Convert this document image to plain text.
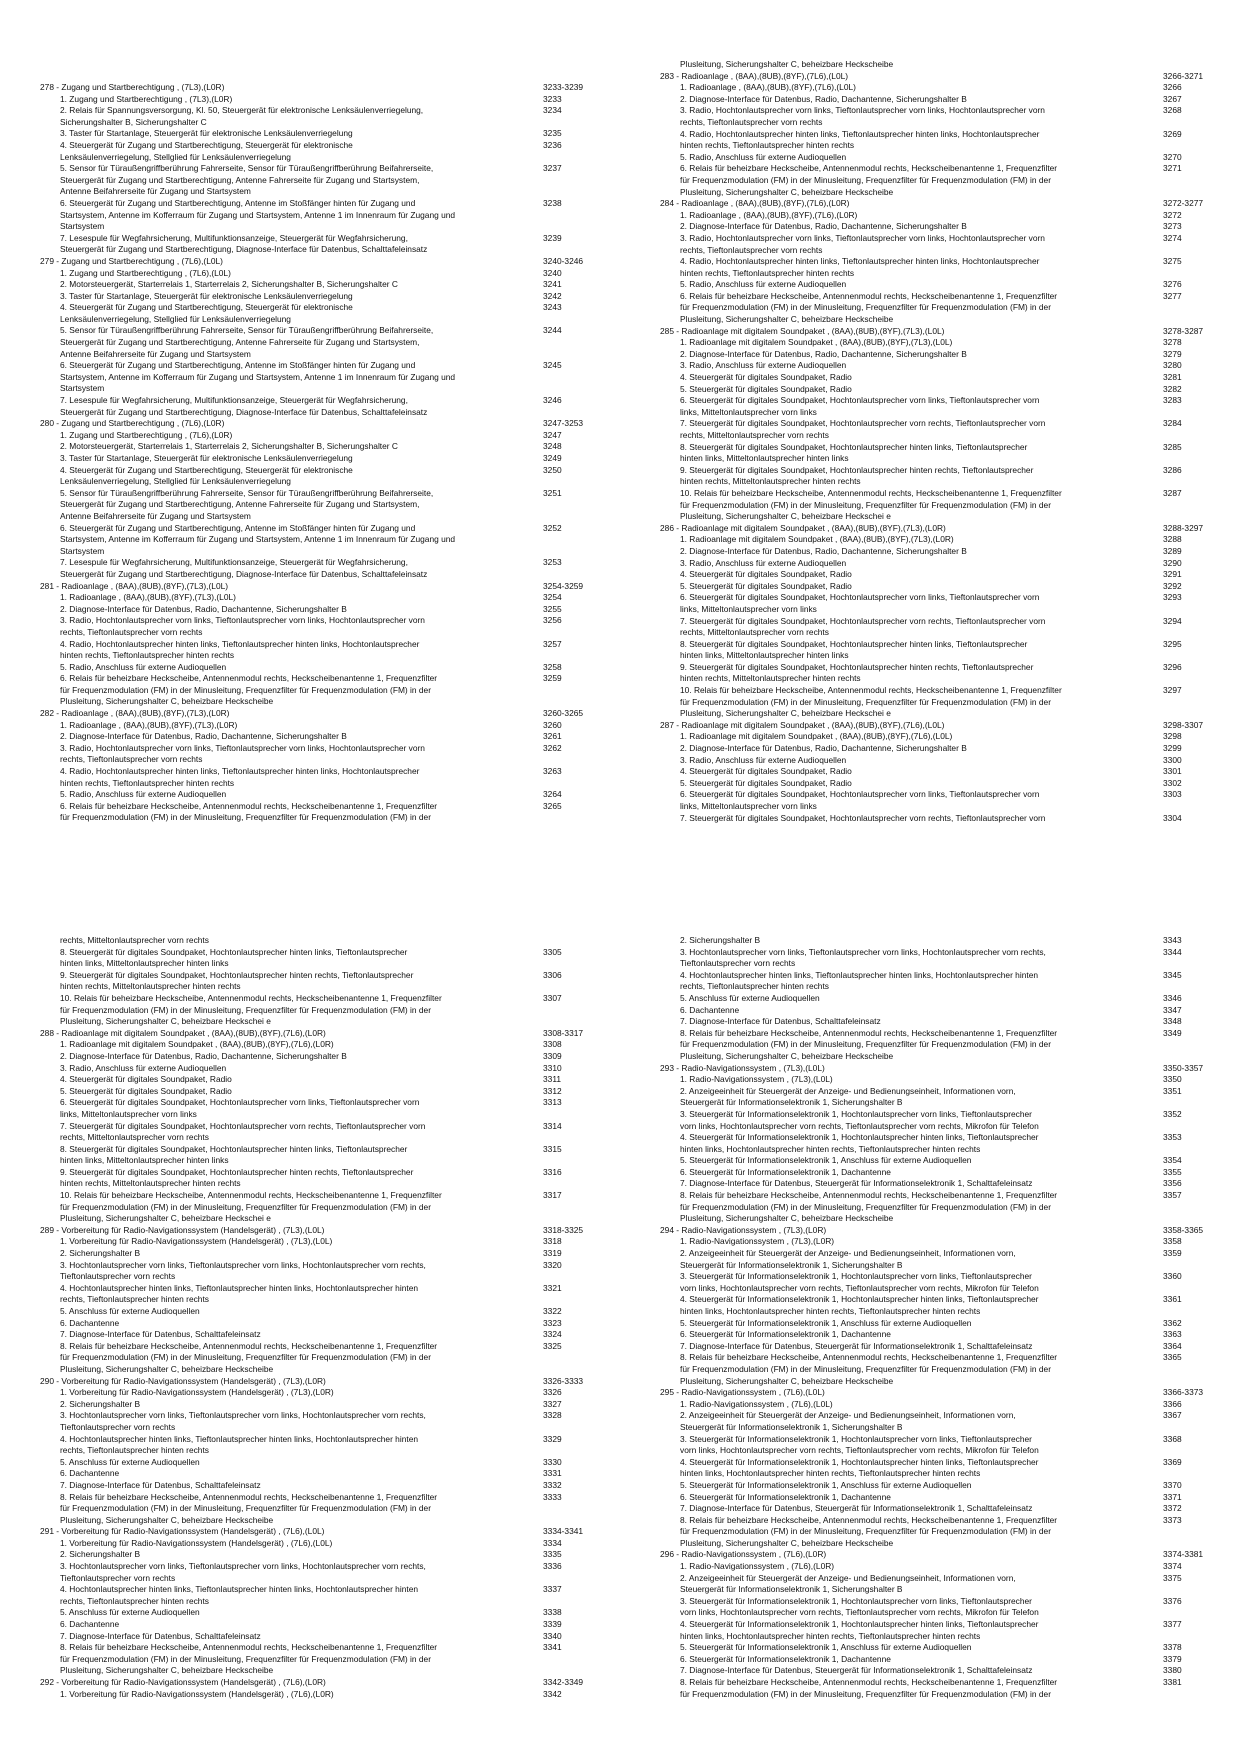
278 - Zugang und Startberechtigung , (7L3),(L0R)	3233-3239
1. Zugang und Startberechtigung , (7L3),(L0R)	3233
2. Relais für Spannungsversorgung, Kl. 50, Steuergerät für elektronische Lenksäulenverriegelung,	3234
Sicherungshalter B, Sicherungshalter C
3. Taster für Startanlage, Steuergerät für elektronische Lenksäulenverriegelung	3235
4. Steuergerät für Zugang und Startberechtigung, Steuergerät für elektronische	3236
Lenksäulenverriegelung, Stellglied für Lenksäulenverriegelung
5. Sensor für Türaußengriffberührung Fahrerseite, Sensor für Türaußengriffberührung Beifahrerseite,	3237
Steuergerät für Zugang und Startberechtigung, Antenne Fahrerseite für Zugang und Startsystem,
Antenne Beifahrerseite für Zugang und Startsystem
6. Steuergerät für Zugang und Startberechtigung, Antenne im Stoßfänger hinten für Zugang und	3238
Startsystem, Antenne im Kofferraum für Zugang und Startsystem, Antenne 1 im Innenraum für Zugang und
Startsystem
7. Lesespule für Wegfahrsicherung, Multifunktionsanzeige, Steuergerät für Wegfahrsicherung,	3239
Steuergerät für Zugang und Startberechtigung, Diagnose-Interface für Datenbus, Schalttafeleinsatz
279 - Zugang und Startberechtigung , (7L6),(L0L)	3240-3246
1. Zugang und Startberechtigung , (7L6),(L0L)	3240
2. Motorsteuergerät, Starterrelais 1, Starterrelais 2, Sicherungshalter B, Sicherungshalter C	3241
3. Taster für Startanlage, Steuergerät für elektronische Lenksäulenverriegelung	3242
4. Steuergerät für Zugang und Startberechtigung, Steuergerät für elektronische	3243
Lenksäulenverriegelung, Stellglied für Lenksäulenverriegelung
5. Sensor für Türaußengriffberührung Fahrerseite, Sensor für Türaußengriffberührung Beifahrerseite,	3244
Steuergerät für Zugang und Startberechtigung, Antenne Fahrerseite für Zugang und Startsystem,
Antenne Beifahrerseite für Zugang und Startsystem
6. Steuergerät für Zugang und Startberechtigung, Antenne im Stoßfänger hinten für Zugang und	3245
Startsystem, Antenne im Kofferraum für Zugang und Startsystem, Antenne 1 im Innenraum für Zugang und
Startsystem
7. Lesespule für Wegfahrsicherung, Multifunktionsanzeige, Steuergerät für Wegfahrsicherung,	3246
Steuergerät für Zugang und Startberechtigung, Diagnose-Interface für Datenbus, Schalttafeleinsatz
280 - Zugang und Startberechtigung , (7L6),(L0R)	3247-3253
1. Zugang und Startberechtigung , (7L6),(L0R)	3247
2. Motorsteuergerät, Starterrelais 1, Starterrelais 2, Sicherungshalter B, Sicherungshalter C	3248
3. Taster für Startanlage, Steuergerät für elektronische Lenksäulenverriegelung	3249
4. Steuergerät für Zugang und Startberechtigung, Steuergerät für elektronische	3250
Lenksäulenverriegelung, Stellglied für Lenksäulenverriegelung
5. Sensor für Türaußengriffberührung Fahrerseite, Sensor für Türaußengriffberührung Beifahrerseite,	3251
Steuergerät für Zugang und Startberechtigung, Antenne Fahrerseite für Zugang und Startsystem,
Antenne Beifahrerseite für Zugang und Startsystem
6. Steuergerät für Zugang und Startberechtigung, Antenne im Stoßfänger hinten für Zugang und	3252
Startsystem, Antenne im Kofferraum für Zugang und Startsystem, Antenne 1 im Innenraum für Zugang und
Startsystem
7. Lesespule für Wegfahrsicherung, Multifunktionsanzeige, Steuergerät für Wegfahrsicherung,	3253
Steuergerät für Zugang und Startberechtigung, Diagnose-Interface für Datenbus, Schalttafeleinsatz
281 - Radioanlage , (8AA),(8UB),(8YF),(7L3),(L0L)	3254-3259
1. Radioanlage , (8AA),(8UB),(8YF),(7L3),(L0L)	3254
2. Diagnose-Interface für Datenbus, Radio, Dachantenne, Sicherungshalter B	3255
3. Radio, Hochtonlautsprecher vorn links, Tieftonlautsprecher vorn links, Hochtonlautsprecher vorn	3256
rechts, Tieftonlautsprecher vorn rechts
4. Radio, Hochtonlautsprecher hinten links, Tieftonlautsprecher hinten links, Hochtonlautsprecher	3257
hinten rechts, Tieftonlautsprecher hinten rechts
5. Radio, Anschluss für externe Audioquellen	3258
6. Relais für beheizbare Heckscheibe, Antennenmodul rechts, Heckscheibenantenne 1, Frequenzfilter	3259
für Frequenzmodulation (FM) in der Minusleitung, Frequenzfilter für Frequenzmodulation (FM) in der
Plusleitung, Sicherungshalter C, beheizbare Heckscheibe
282 - Radioanlage , (8AA),(8UB),(8YF),(7L3),(L0R)	3260-3265
1. Radioanlage , (8AA),(8UB),(8YF),(7L3),(L0R)	3260
2. Diagnose-Interface für Datenbus, Radio, Dachantenne, Sicherungshalter B	3261
3. Radio, Hochtonlautsprecher vorn links, Tieftonlautsprecher vorn links, Hochtonlautsprecher vorn	3262
rechts, Tieftonlautsprecher vorn rechts
4. Radio, Hochtonlautsprecher hinten links, Tieftonlautsprecher hinten links, Hochtonlautsprecher	3263
hinten rechts, Tieftonlautsprecher hinten rechts
5. Radio, Anschluss für externe Audioquellen	3264
6. Relais für beheizbare Heckscheibe, Antennenmodul rechts, Heckscheibenantenne 1, Frequenzfilter	3265
für Frequenzmodulation (FM) in der Minusleitung, Frequenzfilter für Frequenzmodulation (FM) in der
Plusleitung, Sicherungshalter C, beheizbare Heckscheibe
283 - Radioanlage , (8AA),(8UB),(8YF),(7L6),(L0L)	3266-3271
1. Radioanlage , (8AA),(8UB),(8YF),(7L6),(L0L)	3266
2. Diagnose-Interface für Datenbus, Radio, Dachantenne, Sicherungshalter B	3267
3. Radio, Hochtonlautsprecher vorn links, Tieftonlautsprecher vorn links, Hochtonlautsprecher vorn	3268
rechts, Tieftonlautsprecher vorn rechts
4. Radio, Hochtonlautsprecher hinten links, Tieftonlautsprecher hinten links, Hochtonlautsprecher	3269
hinten rechts, Tieftonlautsprecher hinten rechts
5. Radio, Anschluss für externe Audioquellen	3270
6. Relais für beheizbare Heckscheibe, Antennenmodul rechts, Heckscheibenantenne 1, Frequenzfilter	3271
für Frequenzmodulation (FM) in der Minusleitung, Frequenzfilter für Frequenzmodulation (FM) in der
Plusleitung, Sicherungshalter C, beheizbare Heckscheibe
284 - Radioanlage , (8AA),(8UB),(8YF),(7L6),(L0R)	3272-3277
1. Radioanlage , (8AA),(8UB),(8YF),(7L6),(L0R)	3272
2. Diagnose-Interface für Datenbus, Radio, Dachantenne, Sicherungshalter B	3273
3. Radio, Hochtonlautsprecher vorn links, Tieftonlautsprecher vorn links, Hochtonlautsprecher vorn	3274
rechts, Tieftonlautsprecher vorn rechts
4. Radio, Hochtonlautsprecher hinten links, Tieftonlautsprecher hinten links, Hochtonlautsprecher	3275
hinten rechts, Tieftonlautsprecher hinten rechts
5. Radio, Anschluss für externe Audioquellen	3276
6. Relais für beheizbare Heckscheibe, Antennenmodul rechts, Heckscheibenantenne 1, Frequenzfilter	3277
für Frequenzmodulation (FM) in der Minusleitung, Frequenzfilter für Frequenzmodulation (FM) in der
Plusleitung, Sicherungshalter C, beheizbare Heckscheibe
285 - Radioanlage mit digitalem Soundpaket , (8AA),(8UB),(8YF),(7L3),(L0L)	3278-3287
1. Radioanlage mit digitalem Soundpaket , (8AA),(8UB),(8YF),(7L3),(L0L)	3278
2. Diagnose-Interface für Datenbus, Radio, Dachantenne, Sicherungshalter B	3279
3. Radio, Anschluss für externe Audioquellen	3280
4. Steuergerät für digitales Soundpaket, Radio	3281
5. Steuergerät für digitales Soundpaket, Radio	3282
6. Steuergerät für digitales Soundpaket, Hochtonlautsprecher vorn links, Tieftonlautsprecher vorn	3283
links, Mitteltonlautsprecher vorn links
7. Steuergerät für digitales Soundpaket, Hochtonlautsprecher vorn rechts, Tieftonlautsprecher vorn	3284
rechts, Mitteltonlautsprecher vorn rechts
8. Steuergerät für digitales Soundpaket, Hochtonlautsprecher hinten links, Tieftonlautsprecher	3285
hinten links, Mitteltonlautsprecher hinten links
9. Steuergerät für digitales Soundpaket, Hochtonlautsprecher hinten rechts, Tieftonlautsprecher	3286
hinten rechts, Mitteltonlautsprecher hinten rechts
10. Relais für beheizbare Heckscheibe, Antennenmodul rechts, Heckscheibenantenne 1, Frequenzfilter	3287
für Frequenzmodulation (FM) in der Minusleitung, Frequenzfilter für Frequenzmodulation (FM) in der
Plusleitung, Sicherungshalter C, beheizbare Heckschei e
286 - Radioanlage mit digitalem Soundpaket , (8AA),(8UB),(8YF),(7L3),(L0R)	3288-3297
1. Radioanlage mit digitalem Soundpaket , (8AA),(8UB),(8YF),(7L3),(L0R)	3288
2. Diagnose-Interface für Datenbus, Radio, Dachantenne, Sicherungshalter B	3289
3. Radio, Anschluss für externe Audioquellen	3290
4. Steuergerät für digitales Soundpaket, Radio	3291
5. Steuergerät für digitales Soundpaket, Radio	3292
6. Steuergerät für digitales Soundpaket, Hochtonlautsprecher vorn links, Tieftonlautsprecher vorn	3293
links, Mitteltonlautsprecher vorn links
7. Steuergerät für digitales Soundpaket, Hochtonlautsprecher vorn rechts, Tieftonlautsprecher vorn	3294
rechts, Mitteltonlautsprecher vorn rechts
8. Steuergerät für digitales Soundpaket, Hochtonlautsprecher hinten links, Tieftonlautsprecher	3295
hinten links, Mitteltonlautsprecher hinten links
9. Steuergerät für digitales Soundpaket, Hochtonlautsprecher hinten rechts, Tieftonlautsprecher	3296
hinten rechts, Mitteltonlautsprecher hinten rechts
10. Relais für beheizbare Heckscheibe, Antennenmodul rechts, Heckscheibenantenne 1, Frequenzfilter	3297
für Frequenzmodulation (FM) in der Minusleitung, Frequenzfilter für Frequenzmodulation (FM) in der
Plusleitung, Sicherungshalter C, beheizbare Heckschei e
287 - Radioanlage mit digitalem Soundpaket , (8AA),(8UB),(8YF),(7L6),(L0L)	3298-3307
1. Radioanlage mit digitalem Soundpaket , (8AA),(8UB),(8YF),(7L6),(L0L)	3298
2. Diagnose-Interface für Datenbus, Radio, Dachantenne, Sicherungshalter B	3299
3. Radio, Anschluss für externe Audioquellen	3300
4. Steuergerät für digitales Soundpaket, Radio	3301
5. Steuergerät für digitales Soundpaket, Radio	3302
6. Steuergerät für digitales Soundpaket, Hochtonlautsprecher vorn links, Tieftonlautsprecher vorn	3303
links, Mitteltonlautsprecher vorn links
7. Steuergerät für digitales Soundpaket, Hochtonlautsprecher vorn rechts, Tieftonlautsprecher vorn	3304
rechts, Mitteltonlautsprecher vorn rechts
8. Steuergerät für digitales Soundpaket, Hochtonlautsprecher hinten links, Tieftonlautsprecher	3305
hinten links, Mitteltonlautsprecher hinten links
9. Steuergerät für digitales Soundpaket, Hochtonlautsprecher hinten rechts, Tieftonlautsprecher	3306
hinten rechts, Mitteltonlautsprecher hinten rechts
10. Relais für beheizbare Heckscheibe, Antennenmodul rechts, Heckscheibenantenne 1, Frequenzfilter	3307
für Frequenzmodulation (FM) in der Minusleitung, Frequenzfilter für Frequenzmodulation (FM) in der
Plusleitung, Sicherungshalter C, beheizbare Heckschei e
288 - Radioanlage mit digitalem Soundpaket , (8AA),(8UB),(8YF),(7L6),(L0R)	3308-3317
1. Radioanlage mit digitalem Soundpaket , (8AA),(8UB),(8YF),(7L6),(L0R)	3308
2. Diagnose-Interface für Datenbus, Radio, Dachantenne, Sicherungshalter B	3309
3. Radio, Anschluss für externe Audioquellen	3310
4. Steuergerät für digitales Soundpaket, Radio	3311
5. Steuergerät für digitales Soundpaket, Radio	3312
6. Steuergerät für digitales Soundpaket, Hochtonlautsprecher vorn links, Tieftonlautsprecher vorn	3313
links, Mitteltonlautsprecher vorn links
7. Steuergerät für digitales Soundpaket, Hochtonlautsprecher vorn rechts, Tieftonlautsprecher vorn	3314
rechts, Mitteltonlautsprecher vorn rechts
8. Steuergerät für digitales Soundpaket, Hochtonlautsprecher hinten links, Tieftonlautsprecher	3315
hinten links, Mitteltonlautsprecher hinten links
9. Steuergerät für digitales Soundpaket, Hochtonlautsprecher hinten rechts, Tieftonlautsprecher	3316
hinten rechts, Mitteltonlautsprecher hinten rechts
10. Relais für beheizbare Heckscheibe, Antennenmodul rechts, Heckscheibenantenne 1, Frequenzfilter	3317
für Frequenzmodulation (FM) in der Minusleitung, Frequenzfilter für Frequenzmodulation (FM) in der
Plusleitung, Sicherungshalter C, beheizbare Heckschei e
289 - Vorbereitung für Radio-Navigationssystem (Handelsgerät) , (7L3),(L0L)	3318-3325
1. Vorbereitung für Radio-Navigationssystem (Handelsgerät) , (7L3),(L0L)	3318
2. Sicherungshalter B	3319
3. Hochtonlautsprecher vorn links, Tieftonlautsprecher vorn links, Hochtonlautsprecher vorn rechts,	3320
Tieftonlautsprecher vorn rechts
4. Hochtonlautsprecher hinten links, Tieftonlautsprecher hinten links, Hochtonlautsprecher hinten	3321
rechts, Tieftonlautsprecher hinten rechts
5. Anschluss für externe Audioquellen	3322
6. Dachantenne	3323
7. Diagnose-Interface für Datenbus, Schalttafeleinsatz	3324
8. Relais für beheizbare Heckscheibe, Antennenmodul rechts, Heckscheibenantenne 1, Frequenzfilter	3325
für Frequenzmodulation (FM) in der Minusleitung, Frequenzfilter für Frequenzmodulation (FM) in der
Plusleitung, Sicherungshalter C, beheizbare Heckscheibe
290 - Vorbereitung für Radio-Navigationssystem (Handelsgerät) , (7L3),(L0R)	3326-3333
1. Vorbereitung für Radio-Navigationssystem (Handelsgerät) , (7L3),(L0R)	3326
2. Sicherungshalter B	3327
3. Hochtonlautsprecher vorn links, Tieftonlautsprecher vorn links, Hochtonlautsprecher vorn rechts,	3328
Tieftonlautsprecher vorn rechts
4. Hochtonlautsprecher hinten links, Tieftonlautsprecher hinten links, Hochtonlautsprecher hinten	3329
rechts, Tieftonlautsprecher hinten rechts
5. Anschluss für externe Audioquellen	3330
6. Dachantenne	3331
7. Diagnose-Interface für Datenbus, Schalttafeleinsatz	3332
8. Relais für beheizbare Heckscheibe, Antennenmodul rechts, Heckscheibenantenne 1, Frequenzfilter	3333
für Frequenzmodulation (FM) in der Minusleitung, Frequenzfilter für Frequenzmodulation (FM) in der
Plusleitung, Sicherungshalter C, beheizbare Heckscheibe
291 - Vorbereitung für Radio-Navigationssystem (Handelsgerät) , (7L6),(L0L)	3334-3341
1. Vorbereitung für Radio-Navigationssystem (Handelsgerät) , (7L6),(L0L)	3334
2. Sicherungshalter B	3335
3. Hochtonlautsprecher vorn links, Tieftonlautsprecher vorn links, Hochtonlautsprecher vorn rechts,	3336
Tieftonlautsprecher vorn rechts
4. Hochtonlautsprecher hinten links, Tieftonlautsprecher hinten links, Hochtonlautsprecher hinten	3337
rechts, Tieftonlautsprecher hinten rechts
5. Anschluss für externe Audioquellen	3338
6. Dachantenne	3339
7. Diagnose-Interface für Datenbus, Schalttafeleinsatz	3340
8. Relais für beheizbare Heckscheibe, Antennenmodul rechts, Heckscheibenantenne 1, Frequenzfilter	3341
für Frequenzmodulation (FM) in der Minusleitung, Frequenzfilter für Frequenzmodulation (FM) in der
Plusleitung, Sicherungshalter C, beheizbare Heckscheibe
292 - Vorbereitung für Radio-Navigationssystem (Handelsgerät) , (7L6),(L0R)	3342-3349
1. Vorbereitung für Radio-Navigationssystem (Handelsgerät) , (7L6),(L0R)	3342
2. Sicherungshalter B	3343
3. Hochtonlautsprecher vorn links, Tieftonlautsprecher vorn links, Hochtonlautsprecher vorn rechts,	3344
Tieftonlautsprecher vorn rechts
4. Hochtonlautsprecher hinten links, Tieftonlautsprecher hinten links, Hochtonlautsprecher hinten	3345
rechts, Tieftonlautsprecher hinten rechts
5. Anschluss für externe Audioquellen	3346
6. Dachantenne	3347
7. Diagnose-Interface für Datenbus, Schalttafeleinsatz	3348
8. Relais für beheizbare Heckscheibe, Antennenmodul rechts, Heckscheibenantenne 1, Frequenzfilter	3349
für Frequenzmodulation (FM) in der Minusleitung, Frequenzfilter für Frequenzmodulation (FM) in der
Plusleitung, Sicherungshalter C, beheizbare Heckscheibe
293 - Radio-Navigationssystem , (7L3),(L0L)	3350-3357
1. Radio-Navigationssystem , (7L3),(L0L)	3350
2. Anzeigeeinheit für Steuergerät der Anzeige- und Bedienungseinheit, Informationen vorn,	3351
Steuergerät für Informationselektronik 1, Sicherungshalter B
3. Steuergerät für Informationselektronik 1, Hochtonlautsprecher vorn links, Tieftonlautsprecher	3352
vorn links, Hochtonlautsprecher vorn rechts, Tieftonlautsprecher vorn rechts, Mikrofon für Telefon
4. Steuergerät für Informationselektronik 1, Hochtonlautsprecher hinten links, Tieftonlautsprecher	3353
hinten links, Hochtonlautsprecher hinten rechts, Tieftonlautsprecher hinten rechts
5. Steuergerät für Informationselektronik 1, Anschluss für externe Audioquellen	3354
6. Steuergerät für Informationselektronik 1, Dachantenne	3355
7. Diagnose-Interface für Datenbus, Steuergerät für Informationselektronik 1, Schalttafeleinsatz	3356
8. Relais für beheizbare Heckscheibe, Antennenmodul rechts, Heckscheibenantenne 1, Frequenzfilter	3357
für Frequenzmodulation (FM) in der Minusleitung, Frequenzfilter für Frequenzmodulation (FM) in der
Plusleitung, Sicherungshalter C, beheizbare Heckscheibe
294 - Radio-Navigationssystem , (7L3),(L0R)	3358-3365
1. Radio-Navigationssystem , (7L3),(L0R)	3358
2. Anzeigeeinheit für Steuergerät der Anzeige- und Bedienungseinheit, Informationen vorn,	3359
Steuergerät für Informationselektronik 1, Sicherungshalter B
3. Steuergerät für Informationselektronik 1, Hochtonlautsprecher vorn links, Tieftonlautsprecher	3360
vorn links, Hochtonlautsprecher vorn rechts, Tieftonlautsprecher vorn rechts, Mikrofon für Telefon
4. Steuergerät für Informationselektronik 1, Hochtonlautsprecher hinten links, Tieftonlautsprecher	3361
hinten links, Hochtonlautsprecher hinten rechts, Tieftonlautsprecher hinten rechts
5. Steuergerät für Informationselektronik 1, Anschluss für externe Audioquellen	3362
6. Steuergerät für Informationselektronik 1, Dachantenne	3363
7. Diagnose-Interface für Datenbus, Steuergerät für Informationselektronik 1, Schalttafeleinsatz	3364
8. Relais für beheizbare Heckscheibe, Antennenmodul rechts, Heckscheibenantenne 1, Frequenzfilter	3365
für Frequenzmodulation (FM) in der Minusleitung, Frequenzfilter für Frequenzmodulation (FM) in der
Plusleitung, Sicherungshalter C, beheizbare Heckscheibe
295 - Radio-Navigationssystem , (7L6),(L0L)	3366-3373
1. Radio-Navigationssystem , (7L6),(L0L)	3366
2. Anzeigeeinheit für Steuergerät der Anzeige- und Bedienungseinheit, Informationen vorn,	3367
Steuergerät für Informationselektronik 1, Sicherungshalter B
3. Steuergerät für Informationselektronik 1, Hochtonlautsprecher vorn links, Tieftonlautsprecher	3368
vorn links, Hochtonlautsprecher vorn rechts, Tieftonlautsprecher vorn rechts, Mikrofon für Telefon
4. Steuergerät für Informationselektronik 1, Hochtonlautsprecher hinten links, Tieftonlautsprecher	3369
hinten links, Hochtonlautsprecher hinten rechts, Tieftonlautsprecher hinten rechts
5. Steuergerät für Informationselektronik 1, Anschluss für externe Audioquellen	3370
6. Steuergerät für Informationselektronik 1, Dachantenne	3371
7. Diagnose-Interface für Datenbus, Steuergerät für Informationselektronik 1, Schalttafeleinsatz	3372
8. Relais für beheizbare Heckscheibe, Antennenmodul rechts, Heckscheibenantenne 1, Frequenzfilter	3373
für Frequenzmodulation (FM) in der Minusleitung, Frequenzfilter für Frequenzmodulation (FM) in der
Plusleitung, Sicherungshalter C, beheizbare Heckscheibe
296 - Radio-Navigationssystem , (7L6),(L0R)	3374-3381
1. Radio-Navigationssystem , (7L6),(L0R)	3374
2. Anzeigeeinheit für Steuergerät der Anzeige- und Bedienungseinheit, Informationen vorn,	3375
Steuergerät für Informationselektronik 1, Sicherungshalter B
3. Steuergerät für Informationselektronik 1, Hochtonlautsprecher vorn links, Tieftonlautsprecher	3376
vorn links, Hochtonlautsprecher vorn rechts, Tieftonlautsprecher vorn rechts, Mikrofon für Telefon
4. Steuergerät für Informationselektronik 1, Hochtonlautsprecher hinten links, Tieftonlautsprecher	3377
hinten links, Hochtonlautsprecher hinten rechts, Tieftonlautsprecher hinten rechts
5. Steuergerät für Informationselektronik 1, Anschluss für externe Audioquellen	3378
6. Steuergerät für Informationselektronik 1, Dachantenne	3379
7. Diagnose-Interface für Datenbus, Steuergerät für Informationselektronik 1, Schalttafeleinsatz	3380
8. Relais für beheizbare Heckscheibe, Antennenmodul rechts, Heckscheibenantenne 1, Frequenzfilter	3381
für Frequenzmodulation (FM) in der Minusleitung, Frequenzfilter für Frequenzmodulation (FM) in der
